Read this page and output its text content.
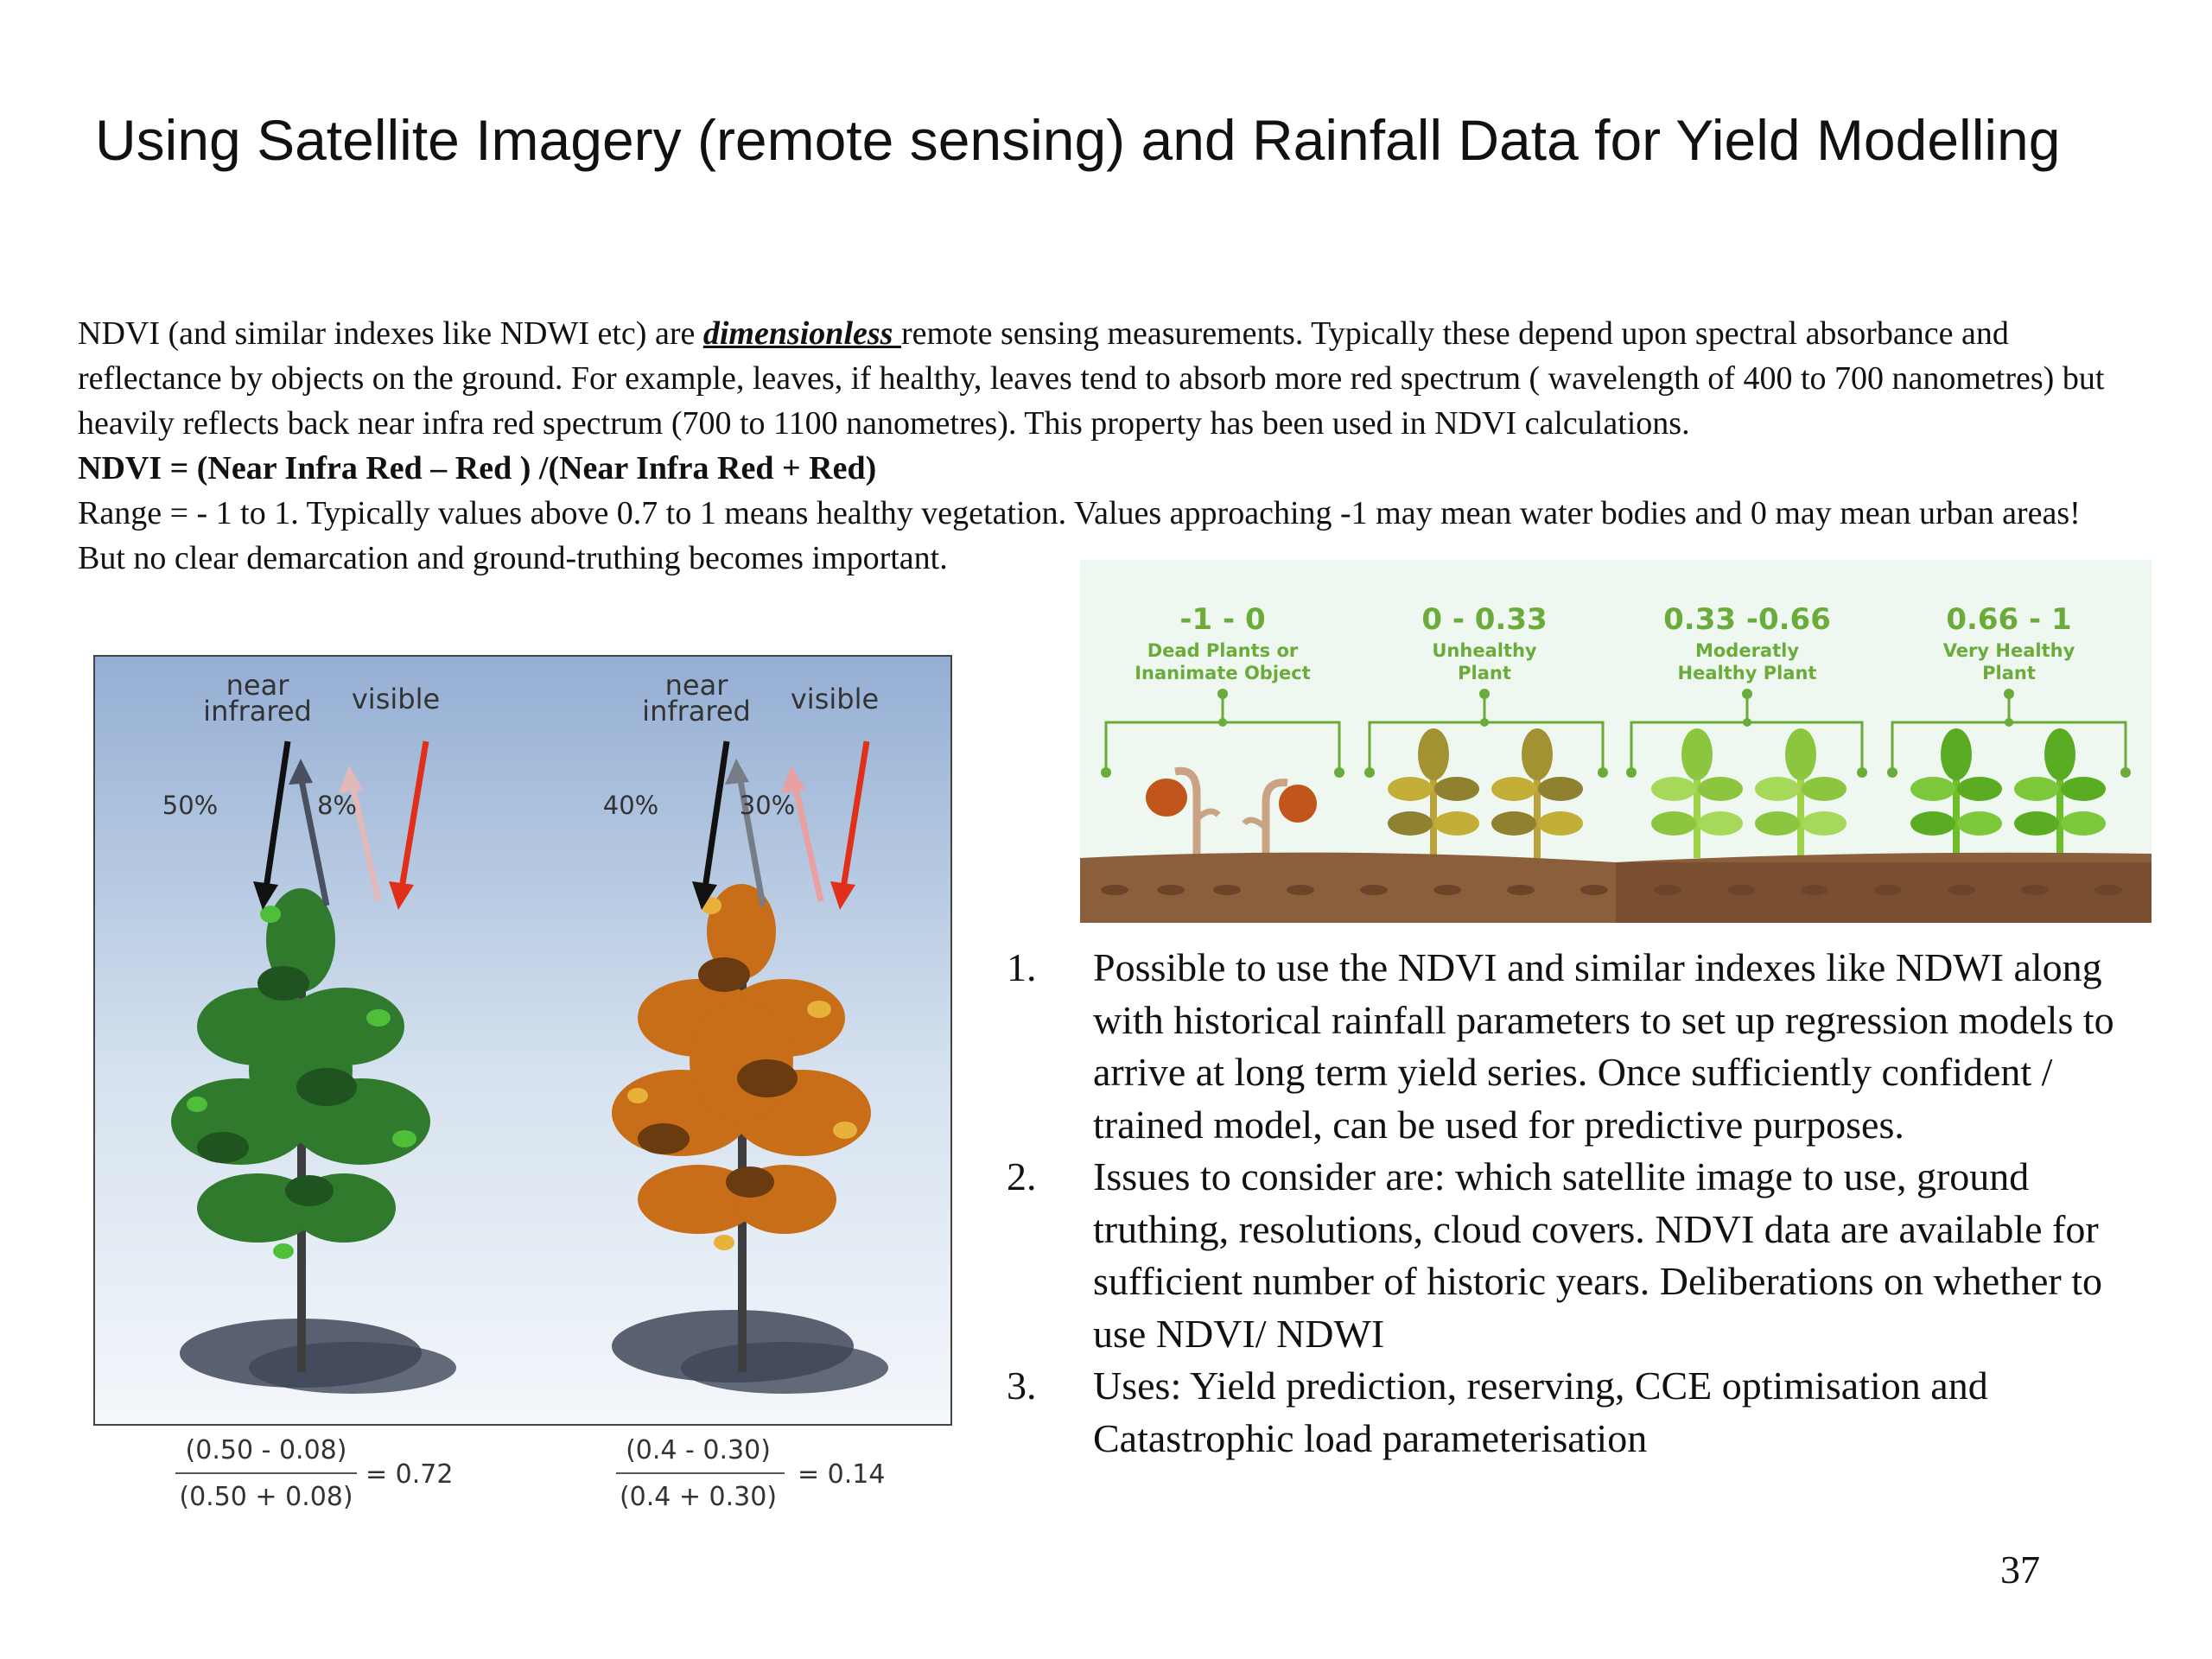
Using Satellite Imagery (remote sensing) and Rainfall Data for Yield Modelling

NDVI (and similar indexes like NDWI etc) are dimensionless remote sensing measurements. Typically these depend upon spectral absorbance and reflectance by objects on the ground. For example, leaves, if healthy, leaves tend to absorb more red spectrum ( wavelength of 400 to 700 nanometres) but heavily reflects back near infra red spectrum (700 to 1100 nanometres). This property has been used in NDVI calculations.

NDVI = (Near Infra Red – Red ) /(Near Infra Red + Red)

Range = - 1 to 1. Typically values above 0.7 to 1 means healthy vegetation. Values approaching -1 may mean water bodies and 0 may mean urban areas! But no clear demarcation and ground-truthing becomes important.

near
infrared visible
50%	8%
near
infrared visible
40%	30%
(0.50 - 0.08)
(0.50 + 0.08)
= 0.72
(0.4 - 0.30)
(0.4 + 0.30)
= 0.14
-1 - 0
Dead Plants or
Inanimate Object
0 - 0.33
Unhealthy
Plant
0.33 -0.66
Moderatly
Healthy Plant
0.66 - 1
Very Healthy
Plant
1.	Possible to use the NDVI and similar indexes like NDWI along with historical rainfall parameters to set up regression models to arrive at long term yield series. Once sufficiently confident / trained model, can be used for predictive purposes.
2.	Issues to consider are: which satellite image to use, ground truthing, resolutions, cloud covers. NDVI data are available for sufficient number of historic years. Deliberations on whether to use NDVI/ NDWI
3.	Uses: Yield prediction, reserving, CCE optimisation and Catastrophic load parameterisation
37
